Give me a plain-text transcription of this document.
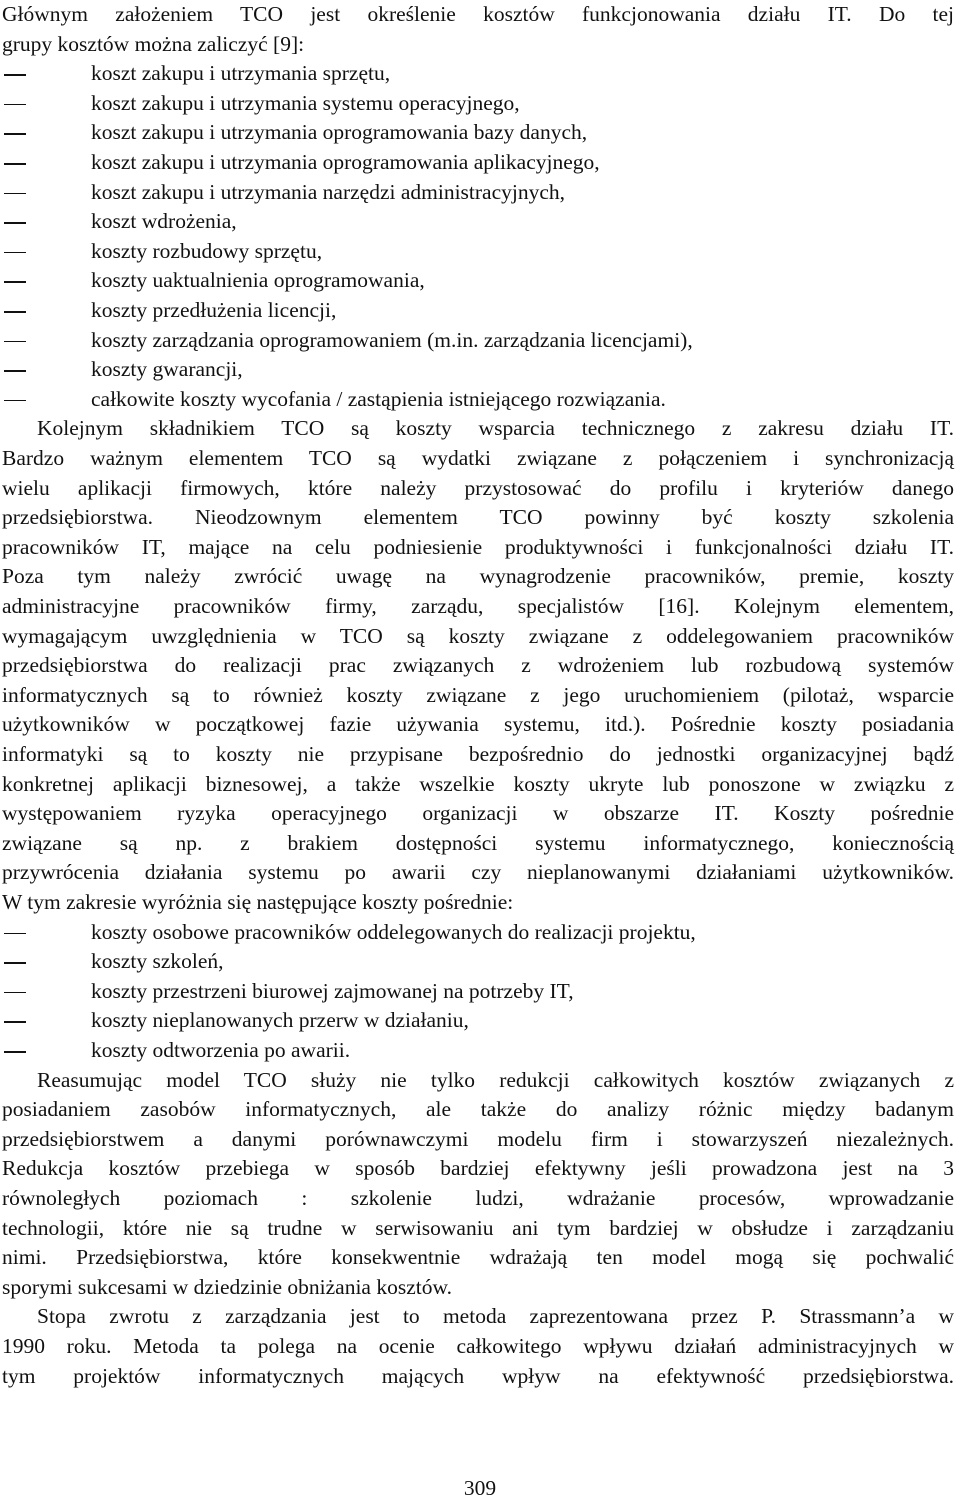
Głównym założeniem TCO jest określenie kosztów funkcjonowania działu IT. Do tej
grupy kosztów można zaliczyć [9]:
koszt zakupu i utrzymania sprzętu,
koszt zakupu i utrzymania systemu operacyjnego,
koszt zakupu i utrzymania oprogramowania bazy danych,
koszt zakupu i utrzymania oprogramowania aplikacyjnego,
koszt zakupu i utrzymania narzędzi administracyjnych,
koszt wdrożenia,
koszty rozbudowy sprzętu,
koszty uaktualnienia oprogramowania,
koszty przedłużenia licencji,
koszty zarządzania oprogramowaniem (m.in. zarządzania licencjami),
koszty gwarancji,
całkowite koszty wycofania / zastąpienia istniejącego rozwiązania.
Kolejnym składnikiem TCO są koszty wsparcia technicznego z zakresu działu IT.
Bardzo ważnym elementem TCO są wydatki związane z połączeniem i synchronizacją
wielu aplikacji firmowych, które należy przystosować do profilu i kryteriów danego
przedsiębiorstwa. Nieodzownym elementem TCO powinny być koszty szkolenia
pracowników IT, mające na celu podniesienie produktywności i funkcjonalności działu IT.
Poza tym należy zwrócić uwagę na wynagrodzenie pracowników, premie, koszty
administracyjne pracowników firmy, zarządu, specjalistów [16]. Kolejnym elementem,
wymagającym uwzględnienia w TCO są koszty związane z oddelegowaniem pracowników
przedsiębiorstwa do realizacji prac związanych z wdrożeniem lub rozbudową systemów
informatycznych są to również koszty związane z jego uruchomieniem (pilotaż, wsparcie
użytkowników w początkowej fazie używania systemu, itd.). Pośrednie koszty posiadania
informatyki są to koszty nie przypisane bezpośrednio do jednostki organizacyjnej bądź
konkretnej aplikacji biznesowej, a także wszelkie koszty ukryte lub ponoszone w związku z
występowaniem ryzyka operacyjnego organizacji w obszarze IT. Koszty pośrednie
związane są np. z brakiem dostępności systemu informatycznego, koniecznością
przywrócenia działania systemu po awarii czy nieplanowanymi działaniami użytkowników.
W tym zakresie wyróżnia się następujące koszty pośrednie:
koszty osobowe pracowników oddelegowanych do realizacji projektu,
koszty szkoleń,
koszty przestrzeni biurowej zajmowanej na potrzeby IT,
koszty nieplanowanych przerw w działaniu,
koszty odtworzenia po awarii.
Reasumując model TCO służy nie tylko redukcji całkowitych kosztów związanych z
posiadaniem zasobów informatycznych, ale także do analizy różnic między badanym
przedsiębiorstwem a danymi porównawczymi modelu firm i stowarzyszeń niezależnych.
Redukcja kosztów przebiega w sposób bardziej efektywny jeśli prowadzona jest na 3
równoległych poziomach : szkolenie ludzi, wdrażanie procesów, wprowadzanie
technologii, które nie są trudne w serwisowaniu ani tym bardziej w obsłudze i zarządzaniu
nimi. Przedsiębiorstwa, które konsekwentnie wdrażają ten model mogą się pochwalić
sporymi sukcesami w dziedzinie obniżania kosztów.
Stopa zwrotu z zarządzania jest to metoda zaprezentowana przez P. Strassmann’a w
1990 roku. Metoda ta polega na ocenie całkowitego wpływu działań administracyjnych w
tym projektów informatycznych mających wpływ na efektywność przedsiębiorstwa.
309
